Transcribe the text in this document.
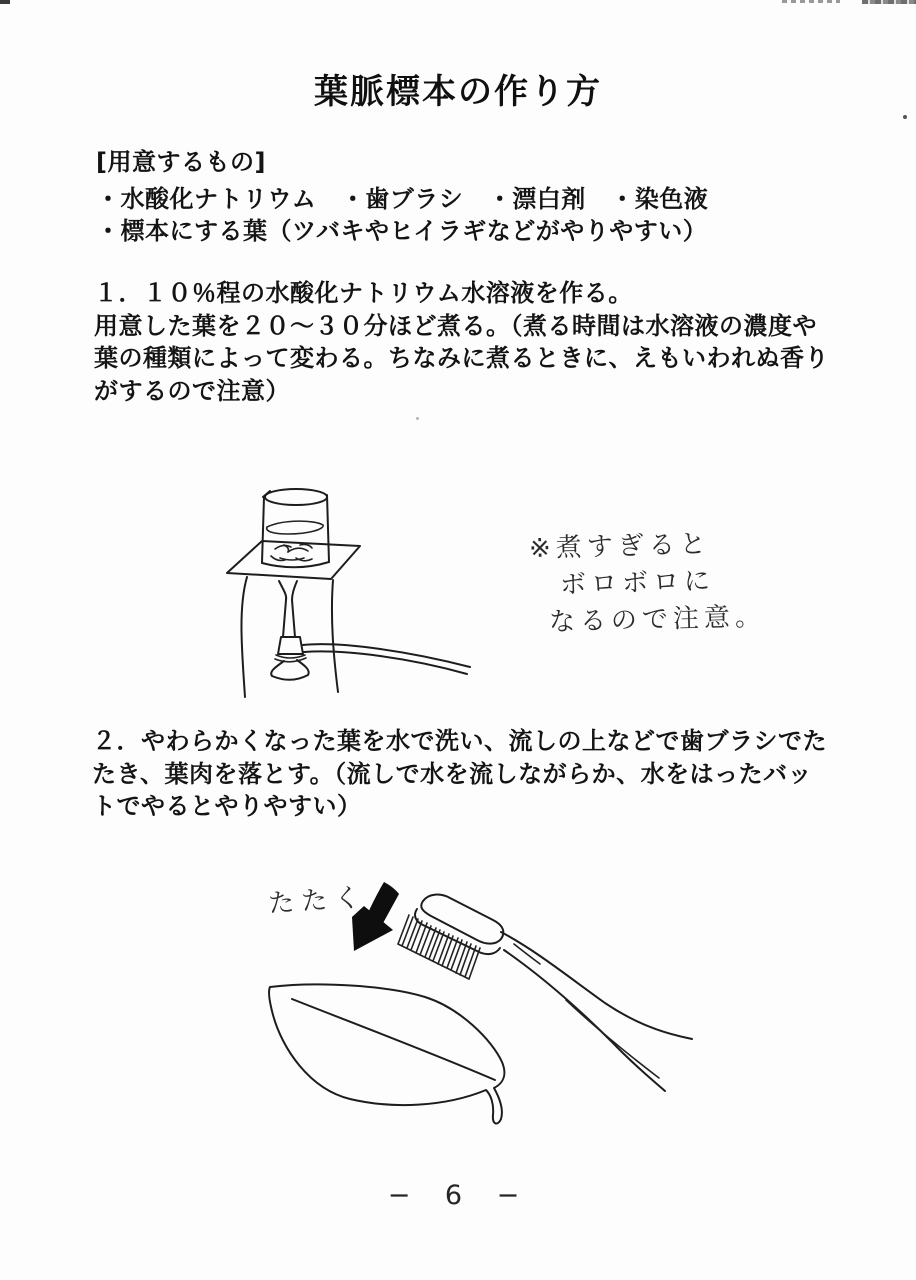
葉脈標本の作り方
[用意するもの]
・水酸化ナトリウム　・歯ブラシ　・漂白剤　・染色液
・標本にする葉（ツバキやヒイラギなどがやりやすい）
１．１０％程の水酸化ナトリウム水溶液を作る。
用意した葉を２０～３０分ほど煮る。（煮る時間は水溶液の濃度や
葉の種類によって変わる。ちなみに煮るときに、えもいわれぬ香り
がするので注意）
※煮すぎると
ボロボロに
なるので注意。
２．やわらかくなった葉を水で洗い、流しの上などで歯ブラシでた
たき、葉肉を落とす。（流しで水を流しながらか、水をはったバッ
トでやるとやりやすい）
たたく
− 6 −
